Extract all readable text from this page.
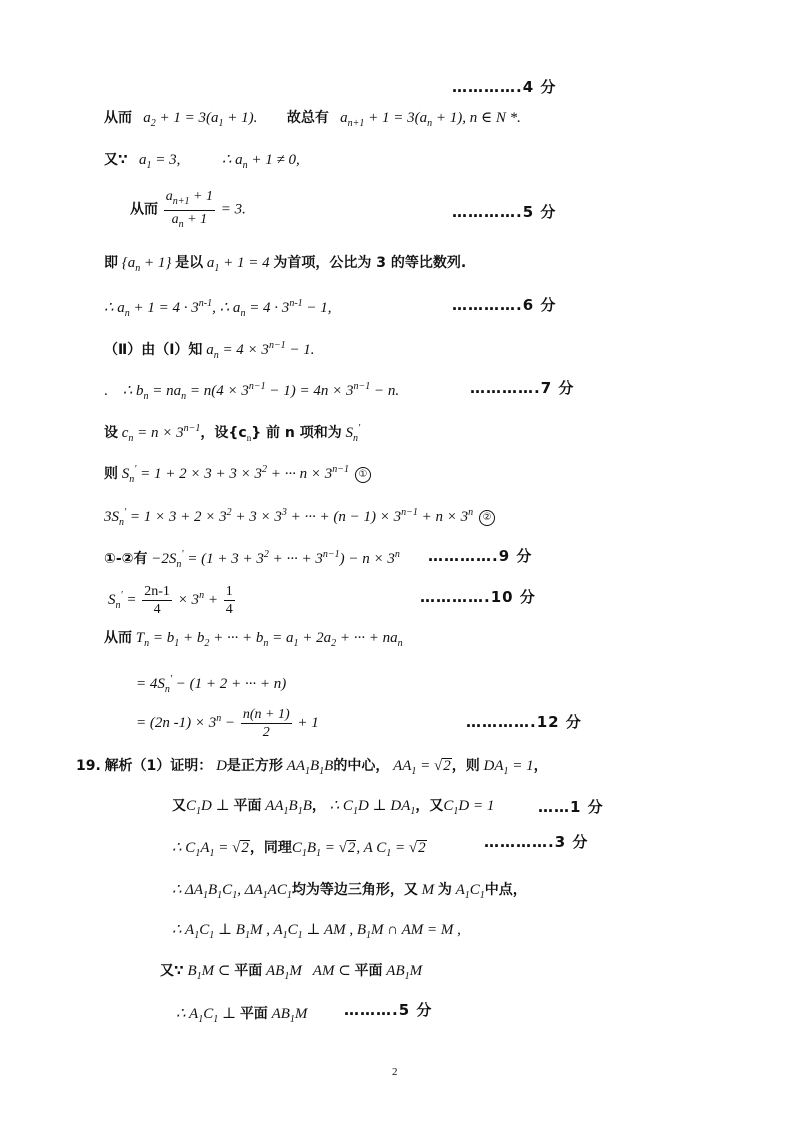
………….4 分
从而   $a_2 + 1 = 3(a_1 + 1)$. 故总有   $a_{n+1} + 1 = 3(a_n + 1)$, n ∈ N *.
又∵   $a_1 = 3$,	∴ $a_n + 1 \ne 0$,
从而 $\frac{a_{n+1} + 1}{a_n + 1} = 3$.	………….5 分
即 $\{a_n + 1\}$ 是以 $a_1 + 1 = 4$ 为首项，公比为 3 的等比数列.
∴ $a_n + 1 = 4 \cdot 3^{n-1}$, ∴ $a_n = 4 \cdot 3^{n-1} - 1$,	………….6 分
（Ⅱ）由（Ⅰ）知 $a_n = 4 \times 3^{n-1} - 1$.
.    ∴ $b_n = na_n = n(4 \times 3^{n-1} - 1) = 4n \times 3^{n-1} - n$.	………….7 分
设 $c_n = n \times 3^{n-1}$，设$\{c_n\}$ 前 n 项和为 $S_n'$
则 $S_n' = 1 + 2 \times 3 + 3 \times 3^2$ + ··· $n \times 3^{n-1}$ ①
$3S_n' = 1 \times 3 + 2 \times 3^2 + 3 \times 3^3$ + ··· + $(n - 1) \times 3^{n-1} + n \times 3^n$ ②
①-②有 $-2S_n' = (1 + 3 + 3^2$ + ··· + $3^{n-1}) - n \times 3^n$ ………….9 分
$S_n' = \frac{2n-1}{4} \times 3^n + \frac{1}{4}$	………….10 分
从而 $T_n = b_1 + b_2$ + ··· + $b_n = a_1 + 2a_2$ + ··· + $na_n$
= $4S_n' - (1 + 2$ + ··· + n)
= (2n $-1) \times 3^n - \frac{n(n + 1)}{2} + 1$	………….12 分
19. 解析（1）证明： D是正方形 $AA_1B_1B$的中心， $AA_1 = √2$，则 $DA_1 = 1$，
又$C_1D$ ⊥ 平面 $AA_1B_1B$， ∴ $C_1D$ ⊥ $DA_1$，又$C_1D = 1$	……1 分
∴ $C_1A_1 = √2$，同理$C_1B_1 = √2$, A $C_1 = √2$	………….3 分
∴ $\Delta A_1B_1C_1$, $\Delta A_1AC_1$均为等边三角形，又 M 为 $A_1C_1$中点，
∴ $A_1C_1$ ⊥ $B_1M$ , $A_1C_1$ ⊥ AM , $B_1M$ ∩ AM = M ,
又∵ $B_1M$ ⊂ 平面 $AB_1M$   AM ⊂ 平面 $AB_1M$
∴ $A_1C_1$ ⊥ 平面 $AB_1M$ ……….5 分
2
